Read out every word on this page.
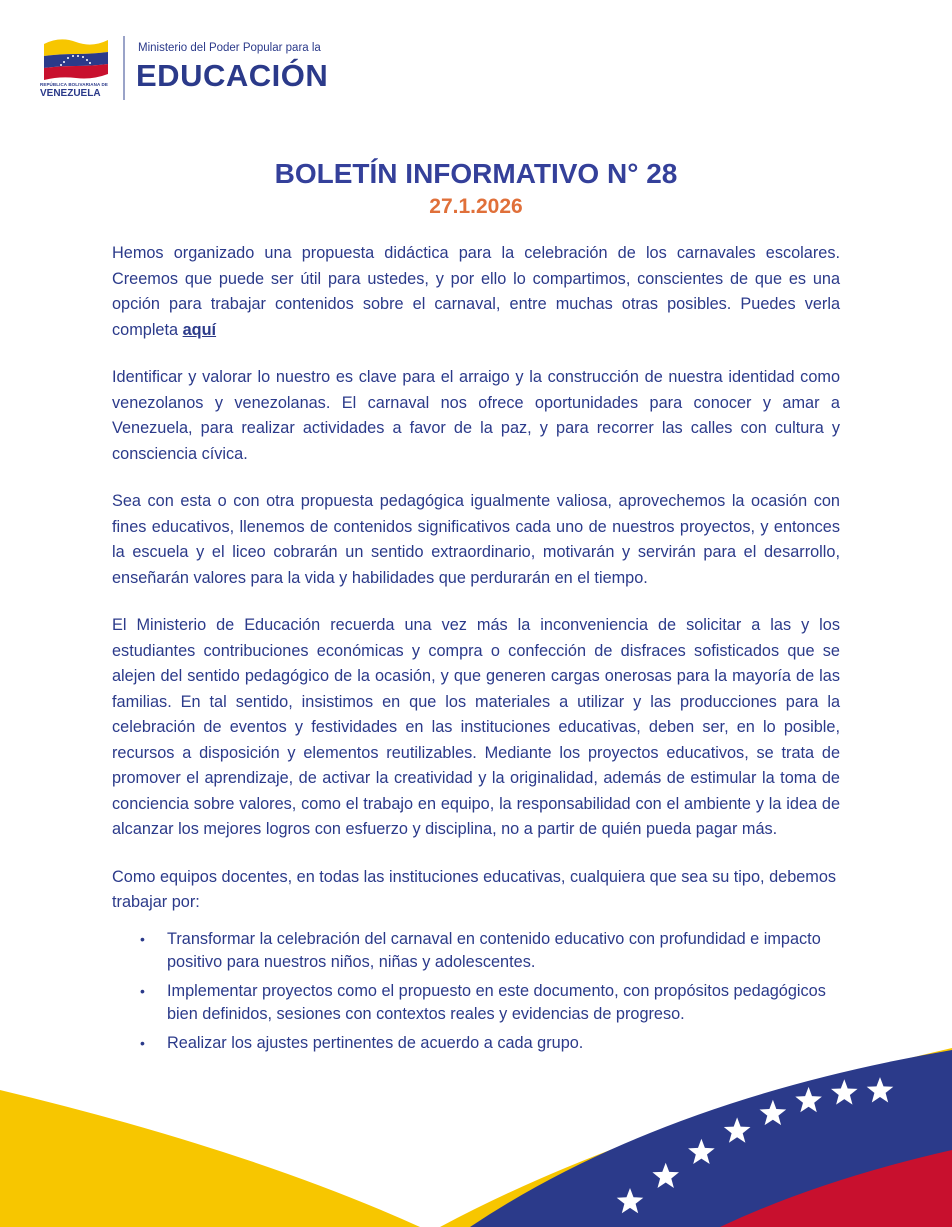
REPÚBLICA BOLIVARIANA DE
VENEZUELA
Ministerio del Poder Popular para la
EDUCACIÓN
BOLETÍN INFORMATIVO N° 28
27.1.2026

Hemos organizado una propuesta didáctica para la celebración de los carnavales escolares. Creemos que puede ser útil para ustedes, y por ello lo compartimos, conscientes de que es una opción para trabajar contenidos sobre el carnaval, entre muchas otras posibles. Puedes verla completa aquí

Identificar y valorar lo nuestro es clave para el arraigo y la construcción de nuestra identidad como venezolanos y venezolanas. El carnaval nos ofrece oportunidades para conocer y amar a Venezuela, para realizar actividades a favor de la paz, y para recorrer las calles con cultura y consciencia cívica.

Sea con esta o con otra propuesta pedagógica igualmente valiosa, aprovechemos la ocasión con fines educativos, llenemos de contenidos significativos cada uno de nuestros proyectos, y entonces la escuela y el liceo cobrarán un sentido extraordinario, motivarán y servirán para el desarrollo, enseñarán valores para la vida y habilidades que perdurarán en el tiempo.

El Ministerio de Educación recuerda una vez más la inconveniencia de solicitar a las y los estudiantes contribuciones económicas y compra o confección de disfraces sofisticados que se alejen del sentido pedagógico de la ocasión, y que generen cargas onerosas para la mayoría de las familias. En tal sentido, insistimos en que los materiales a utilizar y las producciones para la celebración de eventos y festividades en las instituciones educativas, deben ser, en lo posible, recursos a disposición y elementos reutilizables. Mediante los proyectos educativos, se trata de promover el aprendizaje, de activar la creatividad y la originalidad, además de estimular la toma de conciencia sobre valores, como el trabajo en equipo, la responsabilidad con el ambiente y la idea de alcanzar los mejores logros con esfuerzo y disciplina, no a partir de quién pueda pagar más.

Como equipos docentes, en todas las instituciones educativas, cualquiera que sea su tipo, debemos trabajar por:

• Transformar la celebración del carnaval en contenido educativo con profundidad e impacto positivo para nuestros niños, niñas y adolescentes.
• Implementar proyectos como el propuesto en este documento, con propósitos pedagógicos bien definidos, sesiones con contextos reales y evidencias de progreso.
• Realizar los ajustes pertinentes de acuerdo a cada grupo.
